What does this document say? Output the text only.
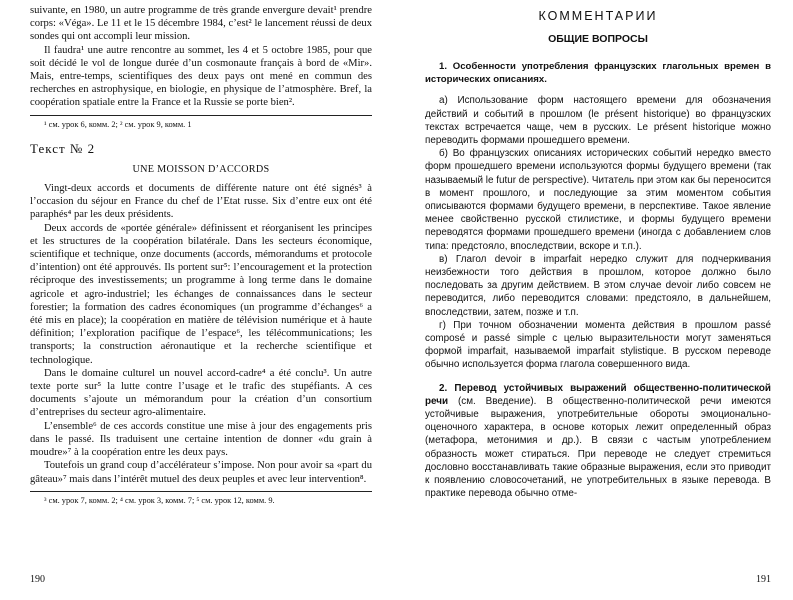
suivante, en 1980, un autre programme de très grande envergure devait¹ prendre corps: «Véga». Le 11 et le 15 décembre 1984, c’est² le lancement réussi de deux sondes qui ont accompli leur mission.

Il faudra¹ une autre rencontre au sommet, les 4 et 5 octobre 1985, pour que soit décidé le vol de longue durée d’un cosmonaute français à bord de «Mir». Mais, entre-temps, scientifiques des deux pays ont mené en commun des recherches en astrophysique, en biologie, en physique de l’atmosphère. Bref, la coopération spatiale entre la France et la Russie se porte bien².

¹ см. урок 6, комм. 2; ² см. урок 9, комм. 1

Текст № 2
UNE MOISSON D’ACCORDS

Vingt-deux accords et documents de différente nature ont été signés³ à l’occasion du séjour en France du chef de l’Etat russe. Six d’entre eux ont été paraphés⁴ par les deux présidents.

Deux accords de «portée générale» définissent et réorganisent les principes et les structures de la coopération bilatérale. Dans les secteurs économique, scientifique et technique, onze documents (accords, mémorandums et protocole d’intention) ont été approuvés. Ils portent sur⁵: l’encouragement et la protection réciproque des investissements; un programme à long terme dans le domaine agricole et agro-industriel; les échanges de connaissances dans le secteur forestier; la formation des cadres économiques (un programme d’échanges⁶ a été mis en place); la coopération en matière de télévision numérique et à haute définition; l’exploration pacifique de l’espace⁶, les télécommunications; les transports; la construction aéronautique et la recherche scientifique et technologique.

Dans le domaine culturel un nouvel accord-cadre⁴ a été conclu³. Un autre texte porte sur⁵ la lutte contre l’usage et le trafic des stupéfiants. A ces documents s’ajoute un mémorandum pour la création d’un consortium d’entreprises du secteur agro-alimentaire.

L’ensemble⁶ de ces accords constitue une mise à jour des engagements pris dans le passé. Ils traduisent une certaine intention de donner «du grain à moudre»⁷ à la coopération entre les deux pays.

Toutefois un grand coup d’accélérateur s’impose. Non pour avoir sa «part du gâteau»⁷ mais dans l’intérêt mutuel des deux peuples et avec leur intervention⁸.

³ см. урок 7, комм. 2; ⁴ см. урок 3, комм. 7; ⁵ см. урок 12, комм. 9.

190
КОММЕНТАРИИ
ОБЩИЕ ВОПРОСЫ

1. Особенности употребления французских глагольных времен в исторических описаниях.

а) Использование форм настоящего времени для обозначения действий и событий в прошлом (le présent historique) во французских текстах встречается чаще, чем в русских. Le présent historique можно переводить формами прошедшего времени.

б) Во французских описаниях исторических событий нередко вместо форм прошедшего времени используются формы будущего времени (так называемый le futur de perspective). Читатель при этом как бы переносится в момент прошлого, и последующие за этим моментом события описываются формами будущего времени, в перспективе. Такое явление менее свойственно русской стилистике, и формы будущего времени переводятся формами прошедшего времени (иногда с добавлением слов типа: предстояло, впоследствии, вскоре и т.п.).

в) Глагол devoir в imparfait нередко служит для подчеркивания неизбежности того действия в прошлом, которое должно было последовать за другим действием. В этом случае devoir либо совсем не переводится, либо переводится словами: предстояло, в дальнейшем, впоследствии, затем, позже и т.п.

г) При точном обозначении момента действия в прошлом passé composé и passé simple с целью выразительности могут заменяться формой imparfait, называемой imparfait stylistique. В русском переводе обычно используется форма глагола совершенного вида.

2. Перевод устойчивых выражений общественно-политической речи (см. Введение). В общественно-политической речи имеются устойчивые выражения, употребительные обороты эмоционально-оценочного характера, в основе которых лежит определенный образ (метафора, метонимия и др.). В связи с частым употреблением образность может стираться. При переводе не следует стремиться дословно восстанавливать такие образные выражения, если это приводит к появлению словосочетаний, не употребительных в языке перевода. В практике перевода обычно отме-

191
